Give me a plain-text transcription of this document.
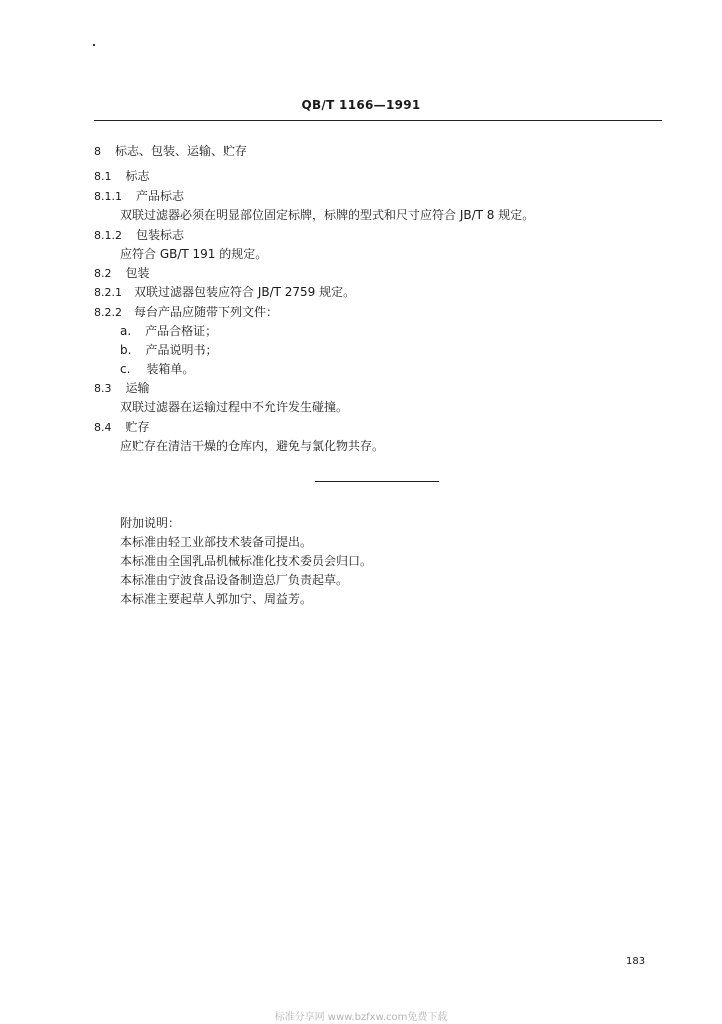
QB/T 1166—1991
8 标志、包装、运输、贮存
8.1 标志
8.1.1 产品标志
双联过滤器必须在明显部位固定标牌，标牌的型式和尺寸应符合 JB/T 8 规定。
8.1.2 包装标志
应符合 GB/T 191 的规定。
8.2 包装
8.2.1 双联过滤器包装应符合 JB/T 2759 规定。
8.2.2 每台产品应随带下列文件：
a. 产品合格证；
b. 产品说明书；
c. 装箱单。
8.3 运输
双联过滤器在运输过程中不允许发生碰撞。
8.4 贮存
应贮存在清洁干燥的仓库内，避免与氯化物共存。
附加说明：
本标准由轻工业部技术装备司提出。
本标准由全国乳品机械标准化技术委员会归口。
本标准由宁波食品设备制造总厂负责起草。
本标准主要起草人郭加宁、周益芳。
183
标准分享网 www.bzfxw.com免费下载
